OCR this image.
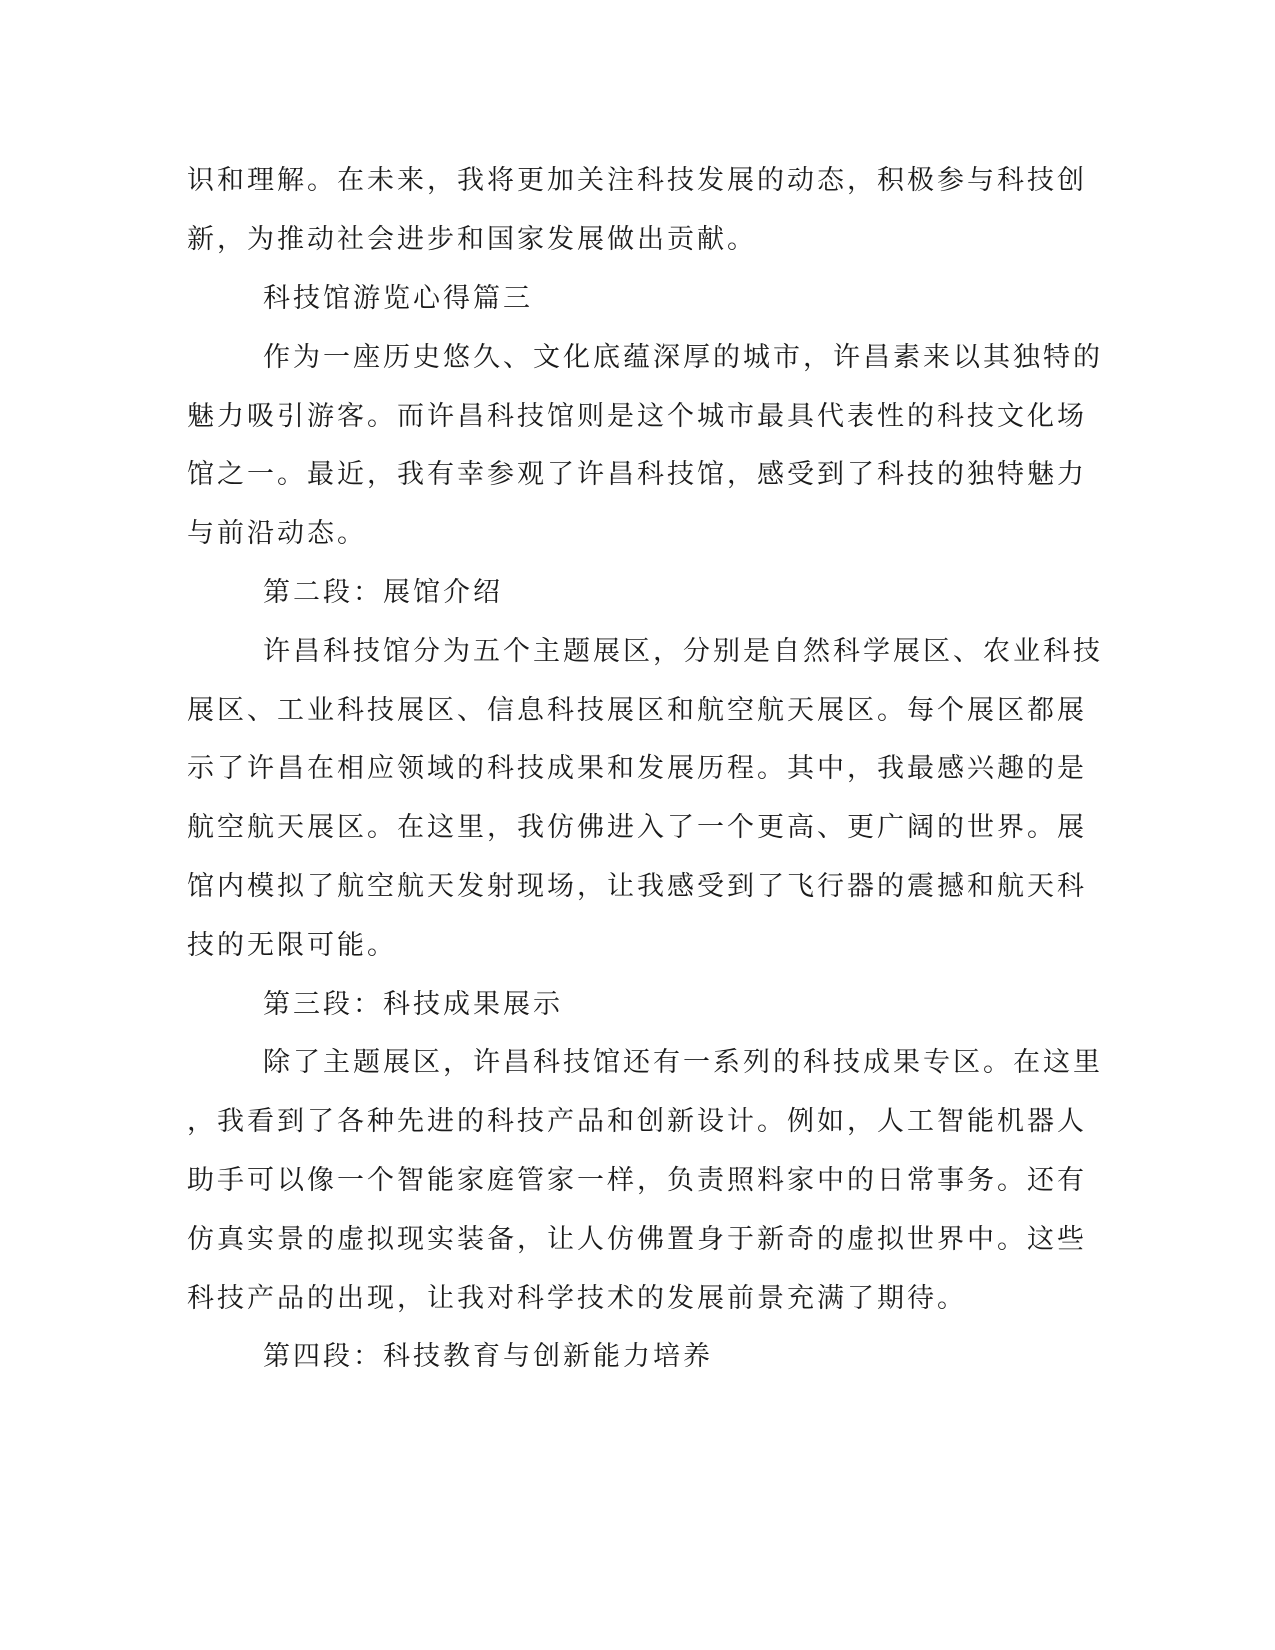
识和理解。在未来，我将更加关注科技发展的动态，积极参与科技创
新，为推动社会进步和国家发展做出贡献。
科技馆游览心得篇三
作为一座历史悠久、文化底蕴深厚的城市，许昌素来以其独特的
魅力吸引游客。而许昌科技馆则是这个城市最具代表性的科技文化场
馆之一。最近，我有幸参观了许昌科技馆，感受到了科技的独特魅力
与前沿动态。
第二段：展馆介绍
许昌科技馆分为五个主题展区，分别是自然科学展区、农业科技
展区、工业科技展区、信息科技展区和航空航天展区。每个展区都展
示了许昌在相应领域的科技成果和发展历程。其中，我最感兴趣的是
航空航天展区。在这里，我仿佛进入了一个更高、更广阔的世界。展
馆内模拟了航空航天发射现场，让我感受到了飞行器的震撼和航天科
技的无限可能。
第三段：科技成果展示
除了主题展区，许昌科技馆还有一系列的科技成果专区。在这里
，我看到了各种先进的科技产品和创新设计。例如，人工智能机器人
助手可以像一个智能家庭管家一样，负责照料家中的日常事务。还有
仿真实景的虚拟现实装备，让人仿佛置身于新奇的虚拟世界中。这些
科技产品的出现，让我对科学技术的发展前景充满了期待。
第四段：科技教育与创新能力培养
